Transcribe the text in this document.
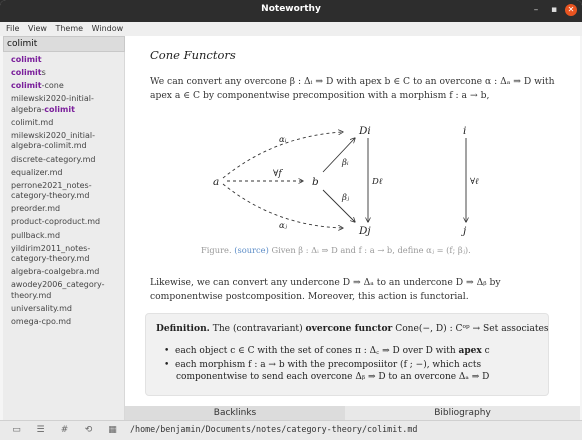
Noteworthy	–	▪	✕
File View Theme Window
colimit
colimit
colimits
colimit-cone
milewski2020-initial-algebra-colimit
colimit.md
milewski2020_initial-algebra-colimit.md
discrete-category.md
equalizer.md
perrone2021_notes-category-theory.md
preorder.md
product-coproduct.md
pullback.md
yildirim2011_notes-category-theory.md
algebra-coalgebra.md
awodey2006_category-theory.md
universality.md
omega-cpo.md
Cone Functors
We can convert any overcone β : Δᵢ ⇒ D with apex b ∈ C to an overcone α : Δₐ ⇒ D with
apex a ∈ C by componentwise precomposition with a morphism f : a → b,
αᵢ
∀f
βᵢ
βⱼ
αⱼ
a	b
Di
Dj
Dℓ
i
j
∀ℓ
Figure. (source) Given β : Δᵢ ⇒ D and f : a → b, define αⱼ = (f; βⱼ).
Likewise, we can convert any undercone D ⇒ Δₐ to an undercone D ⇒ Δᵦ by
componentwise postcomposition. Moreover, this action is functorial.
Definition. The (contravariant) overcone functor Cone(−, D) : Cᵒᵖ → Set associates
•  each object c ∈ C with the set of cones π : Δ꜀ ⇒ D over D with apex c
•  each morphism f : a → b with the precomposiitor (f ; −), which acts
componentwise to send each overcone Δᵦ ⇒ D to an overcone Δₐ ⇒ D
Backlinks	Bibliography
▭ ☰	#	⟲	▦ /home/benjamin/Documents/notes/category-theory/colimit.md
